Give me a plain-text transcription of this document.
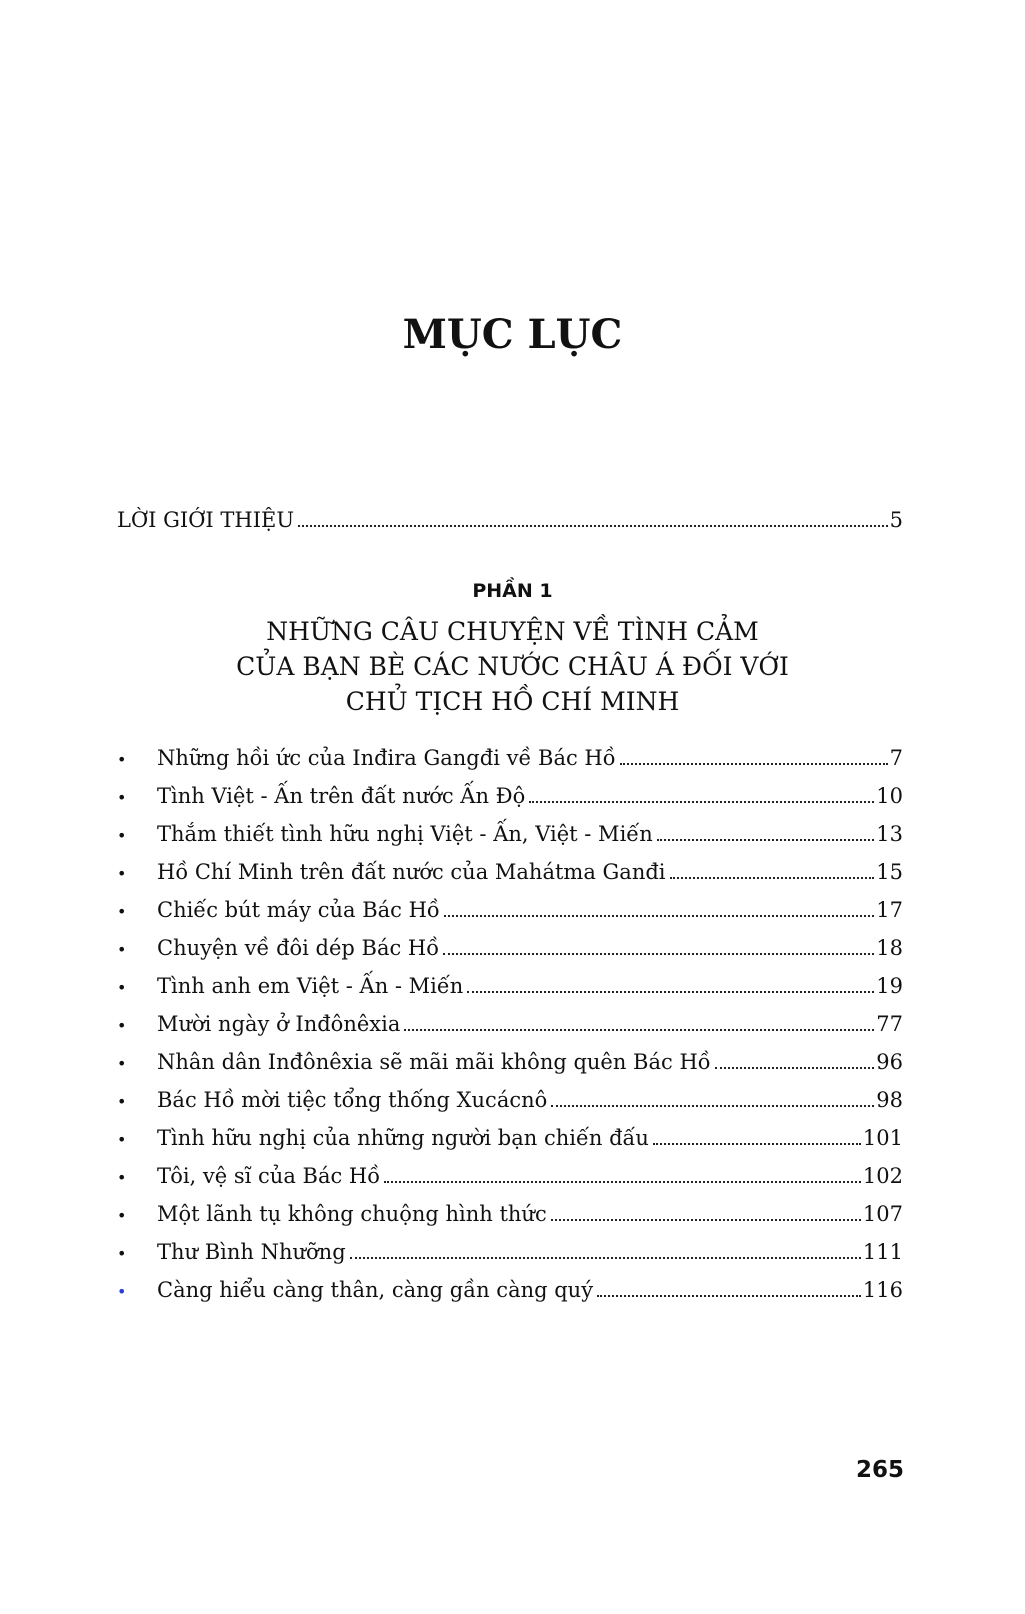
MỤC LỤC
LỜI GIỚI THIỆU	5
PHẦN 1
NHỮNG CÂU CHUYỆN VỀ TÌNH CẢM
CỦA BẠN BÈ CÁC NƯỚC CHÂU Á ĐỐI VỚI
CHỦ TỊCH HỒ CHÍ MINH
•	Những hồi ức của Inđira Gangđi về Bác Hồ	7
•	Tình Việt - Ấn trên đất nước Ấn Độ	10
•	Thắm thiết tình hữu nghị Việt - Ấn, Việt - Miến	13
•	Hồ Chí Minh trên đất nước của Mahátma Ganđi	15
•	Chiếc bút máy của Bác Hồ	17
•	Chuyện về đôi dép Bác Hồ	18
•	Tình anh em Việt - Ấn - Miến	19
•	Mười ngày ở Inđônêxia	77
•	Nhân dân Inđônêxia sẽ mãi mãi không quên Bác Hồ	96
•	Bác Hồ mời tiệc tổng thống Xucácnô	98
•	Tình hữu nghị của những người bạn chiến đấu	101
•	Tôi, vệ sĩ của Bác Hồ	102
•	Một lãnh tụ không chuộng hình thức	107
•	Thư Bình Nhưỡng	111
•	Càng hiểu càng thân, càng gần càng quý	116
265
